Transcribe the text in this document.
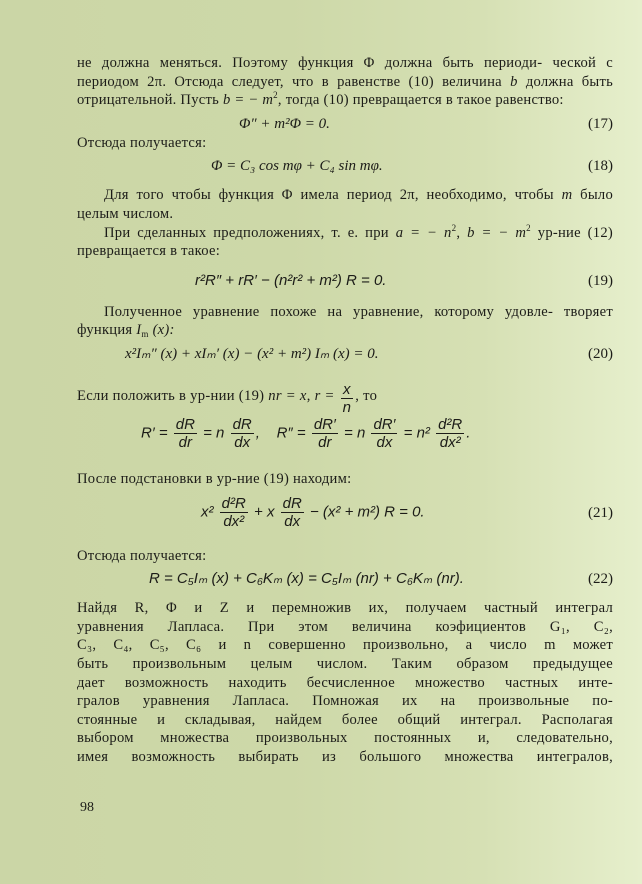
не должна меняться. Поэтому функция Φ должна быть периоди- ческой с периодом 2π. Отсюда следует, что в равенстве (10) величина b должна быть отрицательной. Пусть b = − $m^2$, тогда (10) превращается в такое равенство:

Φ″ + m²Φ = 0.	(17)

Отсюда получается:

Φ = C₃ cos mφ + C₄ sin mφ.	(18)

Для того чтобы функция Φ имела период 2π, необходимо, чтобы m было целым числом.

При сделанных предположениях, т. е. при a = − $n^2$, b = − $m^2$ ур-ние (12) превращается в такое:

r²R″ + rR′ − (n²r² + m²) R = 0.	(19)

Полученное уравнение похоже на уравнение, которому удовле- творяет функция $I_m$ (x):

x²Iₘ″ (x) + xIₘ′ (x) − (x² + m²) Iₘ (x) = 0.	(20)
Если положить в ур-нии (19) nr = x, $r = \frac{x}{n}$ , то
$R' = \frac{dR}{dr} = n \frac{dR}{dx}$ , $R'' = \frac{dR'}{dr} = n \frac{dR'}{dx} = n^2 \frac{\text{d²R}}{\text{dx²}}$ .

После подстановки в ур-ние (19) находим:

$x^2 \frac{\text{d²R}}{\text{dx²}} + x \frac{dR}{dx} - (x^2 + m^2) R = 0$.	(21)

Отсюда получается:

R = C₅Iₘ (x) + C₆Kₘ (x) = C₅Iₘ (nr) + C₆Kₘ (nr).	(22)
Найдя R, Φ и Z и перемножив их, получаем частный интеграл
уравнения Лапласа. При этом величина коэфициентов G₁, C₂,
C₃, C₄, C₅, C₆ и n совершенно произвольно, а число m может
быть произвольным целым числом. Таким образом предыдущее
дает возможность находить бесчисленное множество частных инте-
гралов уравнения Лапласа. Помножая их на произвольные по-
стоянные и складывая, найдем более общий интеграл. Располагая
выбором множества произвольных постоянных и, следовательно,
имея возможность выбирать из большого множества интегралов,
98
